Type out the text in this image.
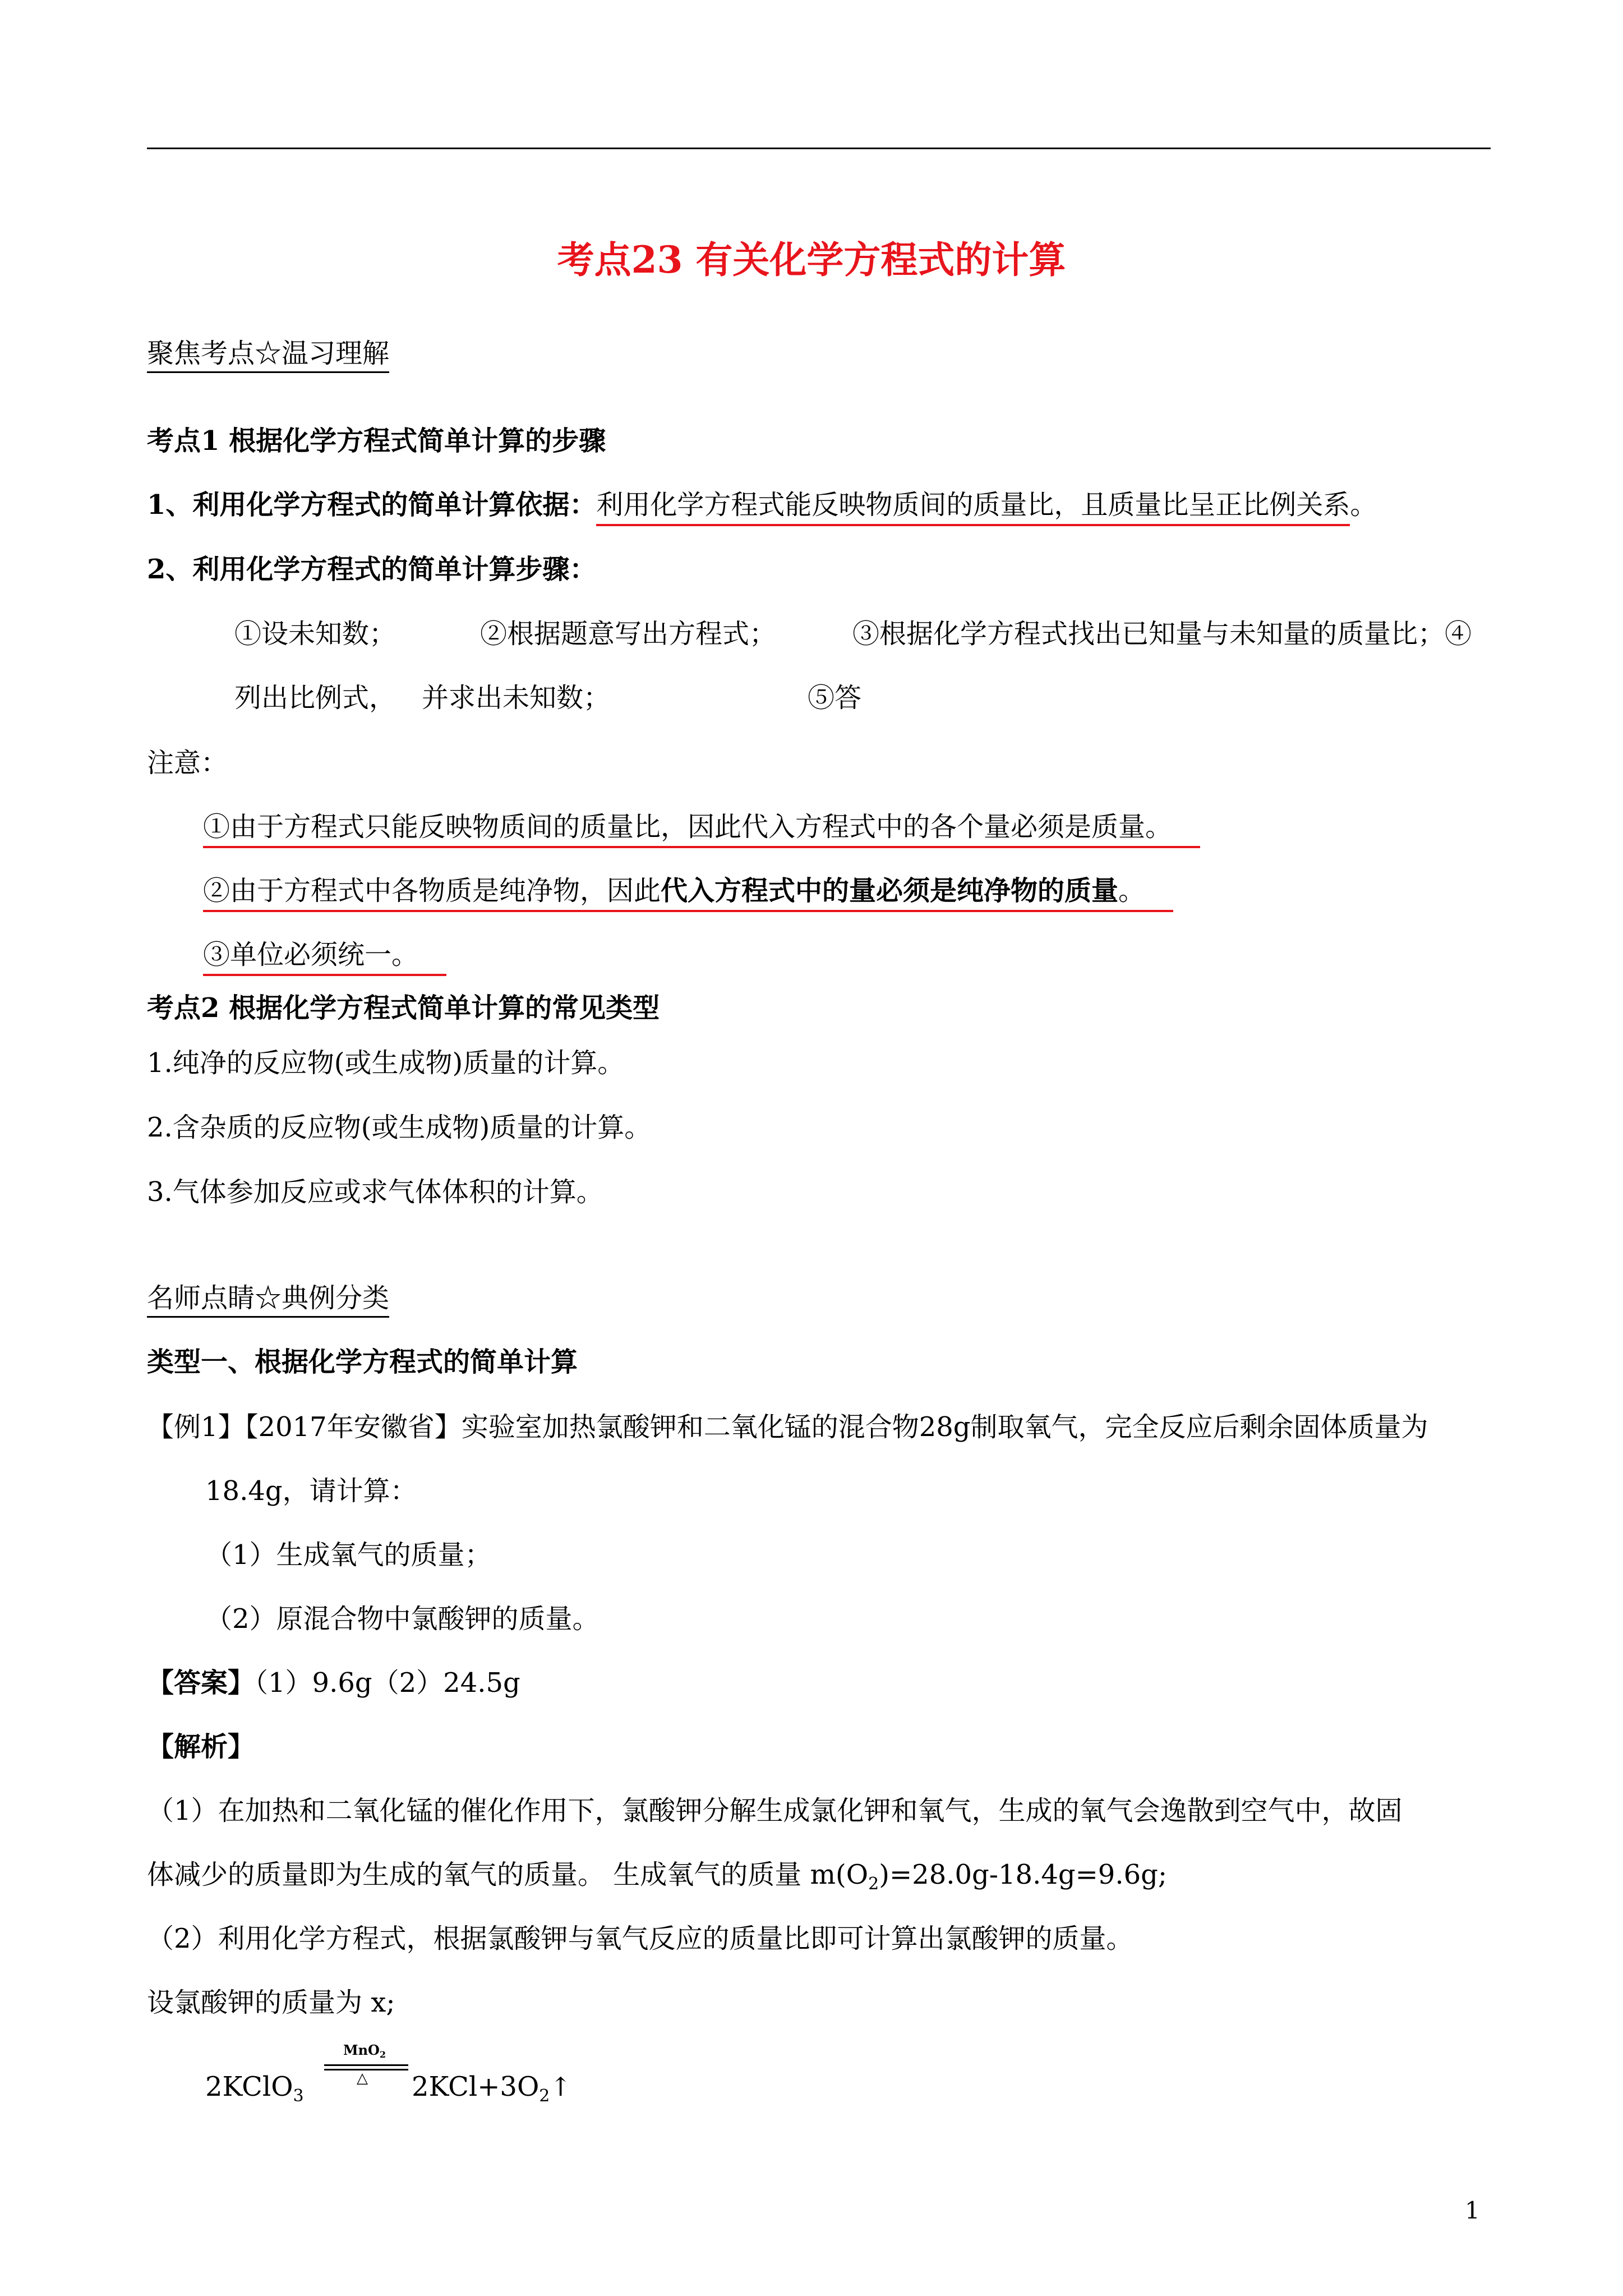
考点23 有关化学方程式的计算
聚焦考点☆温习理解
考点1 根据化学方程式简单计算的步骤
1、利用化学方程式的简单计算依据：利用化学方程式能反映物质间的质量比，且质量比呈正比例关系。
2、利用化学方程式的简单计算步骤：
①设未知数；	②根据题意写出方程式；	③根据化学方程式找出已知量与未知量的质量比；④
列出比例式， 并求出未知数；	⑤答
注意：
①由于方程式只能反映物质间的质量比，因此代入方程式中的各个量必须是质量。
②由于方程式中各物质是纯净物，因此代入方程式中的量必须是纯净物的质量。
③单位必须统一。
考点2 根据化学方程式简单计算的常见类型
1.纯净的反应物(或生成物)质量的计算。
2.含杂质的反应物(或生成物)质量的计算。
3.气体参加反应或求气体体积的计算。
名师点睛☆典例分类
类型一、根据化学方程式的简单计算
【例1】【2017年安徽省】实验室加热氯酸钾和二氧化锰的混合物28g制取氧气，完全反应后剩余固体质量为
18.4g，请计算：
（1）生成氧气的质量；
（2）原混合物中氯酸钾的质量。
【答案】（1）9.6g（2）24.5g
【解析】
（1）在加热和二氧化锰的催化作用下，氯酸钾分解生成氯化钾和氧气，生成的氧气会逸散到空气中，故固
体减少的质量即为生成的氧气的质量。 生成氧气的质量 $m(O_2)=28.0g-18.4g=9.6g$;
（2）利用化学方程式，根据氯酸钾与氧气反应的质量比即可计算出氯酸钾的质量。
设氯酸钾的质量为 x;
2KClO$_3$
MnO$_2$
△ $2KCl+3O_2↑$
1
